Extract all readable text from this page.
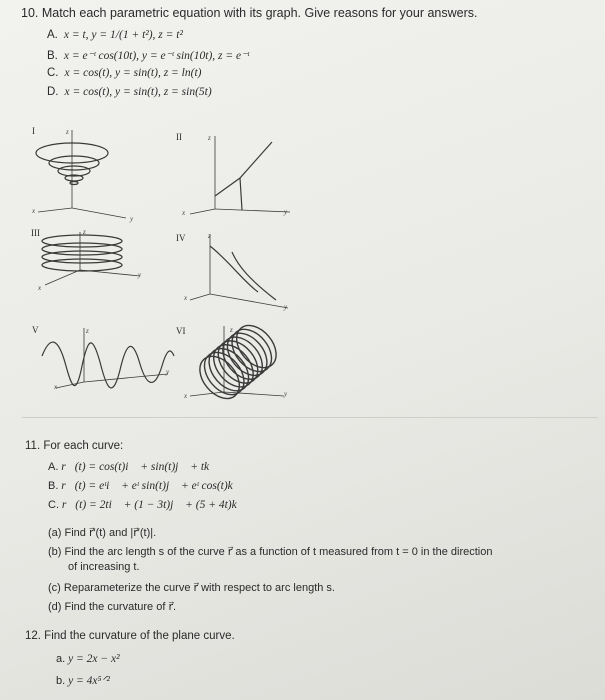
10. Match each parametric equation with its graph. Give reasons for your answers.
A. x = t, y = 1/(1 + t²), z = t²
B. x = e⁻ᵗ cos(10t), y = e⁻ᵗ sin(10t), z = e⁻ᵗ
C. x = cos(t), y = sin(t), z = ln(t)
D. x = cos(t), y = sin(t), z = sin(5t)
I	z
y
x
II	z
y
x
III	z
y
x
IV	z
y
x
V	z
y
x
VI	z
y
x
11. For each curve:
A. r⃗(t) = cos(t)i⃗ + sin(t)j⃗ + tk⃗
B. r⃗(t) = eᵗi⃗ + eᵗ sin(t)j⃗ + eᵗ cos(t)k⃗
C. r⃗(t) = 2ti⃗ + (1 − 3t)j⃗ + (5 + 4t)k⃗
(a) Find r⃗′(t) and |r⃗′(t)|.
(b) Find the arc length s of the curve r⃗ as a function of t measured from t = 0 in the direction
of increasing t.
(c) Reparameterize the curve r⃗ with respect to arc length s.
(d) Find the curvature of r⃗.
12. Find the curvature of the plane curve.
a. y = 2x − x²
b. y = 4x⁵ᐟ²
